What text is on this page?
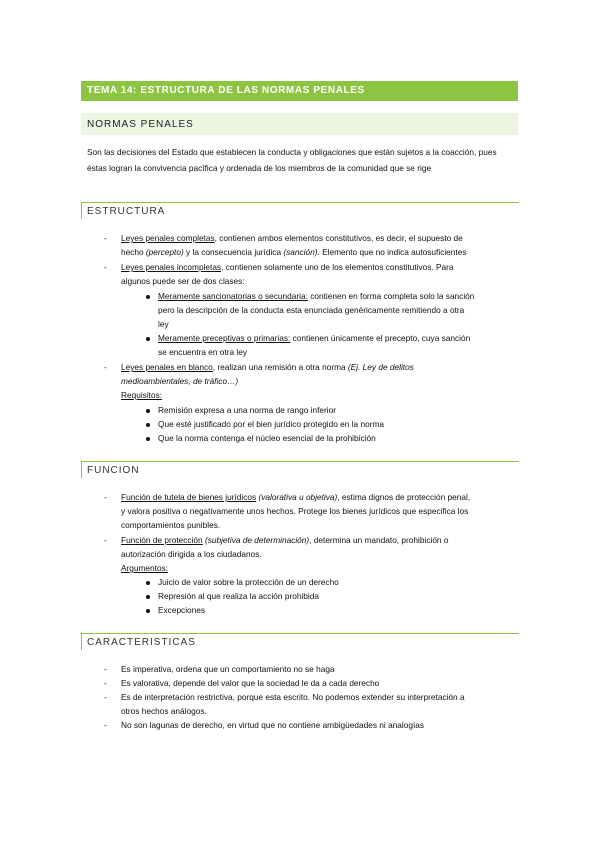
TEMA 14: ESTRUCTURA DE LAS NORMAS PENALES
NORMAS PENALES
Son las decisiones del Estado que establecen la conducta y obligaciones que están sujetos a la coacción, pues éstas logran la convivencia pacífica y ordenada de los miembros de la comunidad que se rige
ESTRUCTURA
- Leyes penales completas, contienen ambos elementos constitutivos, es decir, el supuesto de
hecho (percepto) y la consecuencia jurídica (sanción). Elemento que no indica autosuficientes
- Leyes penales incompletas, contienen solamente uno de los elementos constitutivos. Para
algunos puede ser de dos clases:
Meramente sancionatorias o secundaria: contienen en forma completa solo la sanción
pero la descripción de la conducta esta enunciada genéricamente remitiendo a otra
ley
Meramente preceptivas o primarias: contienen únicamente el precepto, cuya sanción
se encuentra en otra ley
- Leyes penales en blanco, realizan una remisión a otra norma (Ej. Ley de delitos
medioambientales, de tráfico…)
Requisitos:
Remisión expresa a una norma de rango inferior
Que esté justificado por el bien jurídico protegido en la norma
Que la norma contenga el núcleo esencial de la prohibición
FUNCION
- Función de tutela de bienes jurídicos (valorativa u objetiva), estima dignos de protección penal,
y valora positiva o negativamente unos hechos. Protege los bienes jurídicos que especifica los
comportamientos punibles.
- Función de protección (subjetiva de determinación), determina un mandato, prohibición o
autorización dirigida a los ciudadanos.
Argumentos:
Juicio de valor sobre la protección de un derecho
Represión al que realiza la acción prohibida
Excepciones
CARACTERISTICAS
- Es imperativa, ordena que un comportamiento no se haga
- Es valorativa, depende del valor que la sociedad le da a cada derecho
- Es de interpretación restrictiva, porque esta escrito. No podemos extender su interpretación a
otros hechos análogos.
- No son lagunas de derecho, en virtud que no contiene ambigüedades ni analogías
